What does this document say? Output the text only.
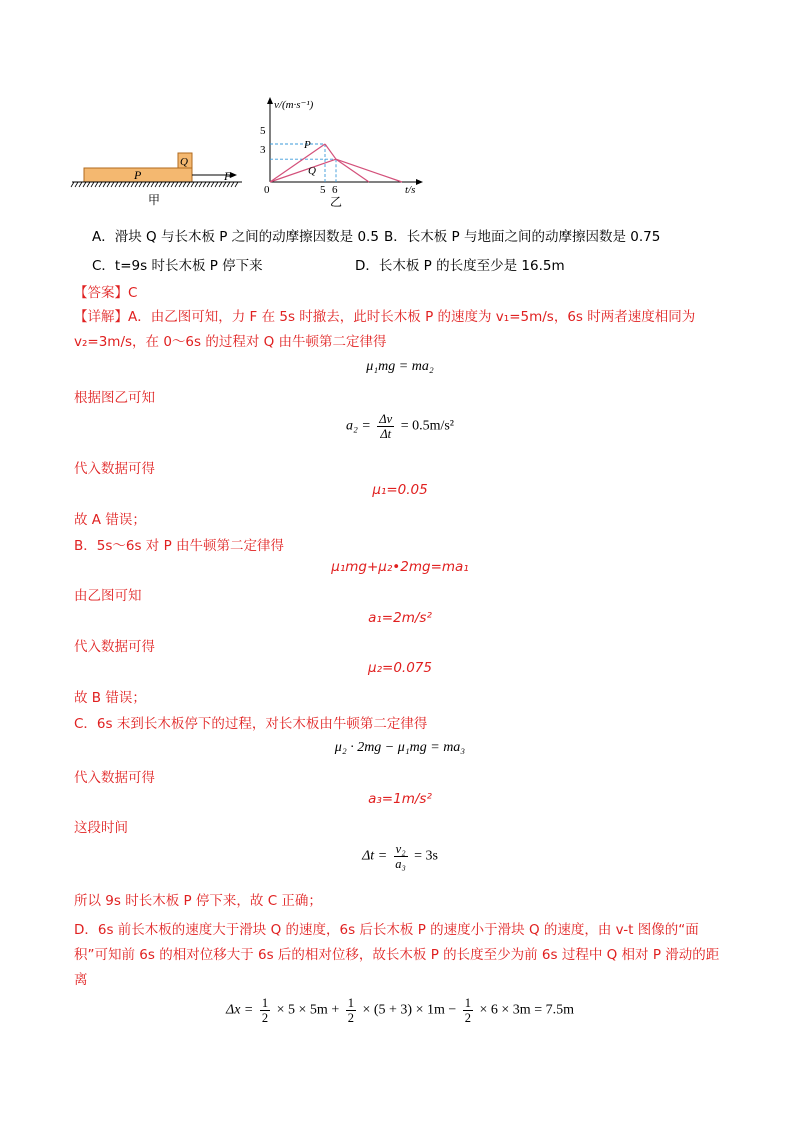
P
Q
F
甲
v/(m·s⁻¹)
t/s
5
3
0	5 6
P
Q
乙
A．滑块 Q 与长木板 P 之间的动摩擦因数是 0.5 B．长木板 P 与地面之间的动摩擦因数是 0.75
C．t=9s 时长木板 P 停下来	D．长木板 P 的长度至少是 16.5m
【答案】C
【详解】A．由乙图可知，力 F 在 5s 时撤去，此时长木板 P 的速度为 v₁=5m/s，6s 时两者速度相同为
v₂=3m/s，在 0～6s 的过程对 Q 由牛顿第二定律得
μ₁mg = ma₂
根据图乙可知
$a_2 = \frac{\Delta v}{\Delta t} = 0.5m/s^2$
代入数据可得
μ₁=0.05
故 A 错误；
B．5s～6s 对 P 由牛顿第二定律得
μ₁mg+μ₂•2mg=ma₁
由乙图可知
a₁=2m/s²
代入数据可得
μ₂=0.075
故 B 错误；
C．6s 末到长木板停下的过程，对长木板由牛顿第二定律得
μ₂ · 2mg − μ₁mg = ma₃
代入数据可得
a₃=1m/s²
这段时间
$\Delta t = \frac{\text{v₂}}{\text{a₃}} = 3s$
所以 9s 时长木板 P 停下来，故 C 正确；
D．6s 前长木板的速度大于滑块 Q 的速度，6s 后长木板 P 的速度小于滑块 Q 的速度，由 v-t 图像的“面
积”可知前 6s 的相对位移大于 6s 后的相对位移，故长木板 P 的长度至少为前 6s 过程中 Q 相对 P 滑动的距
离
$\Delta x = \frac{1}{2} \times 5 \times 5m + \frac{1}{2} \times (5 + 3) \times 1m - \frac{1}{2} \times 6 \times 3m = 7.5m$
